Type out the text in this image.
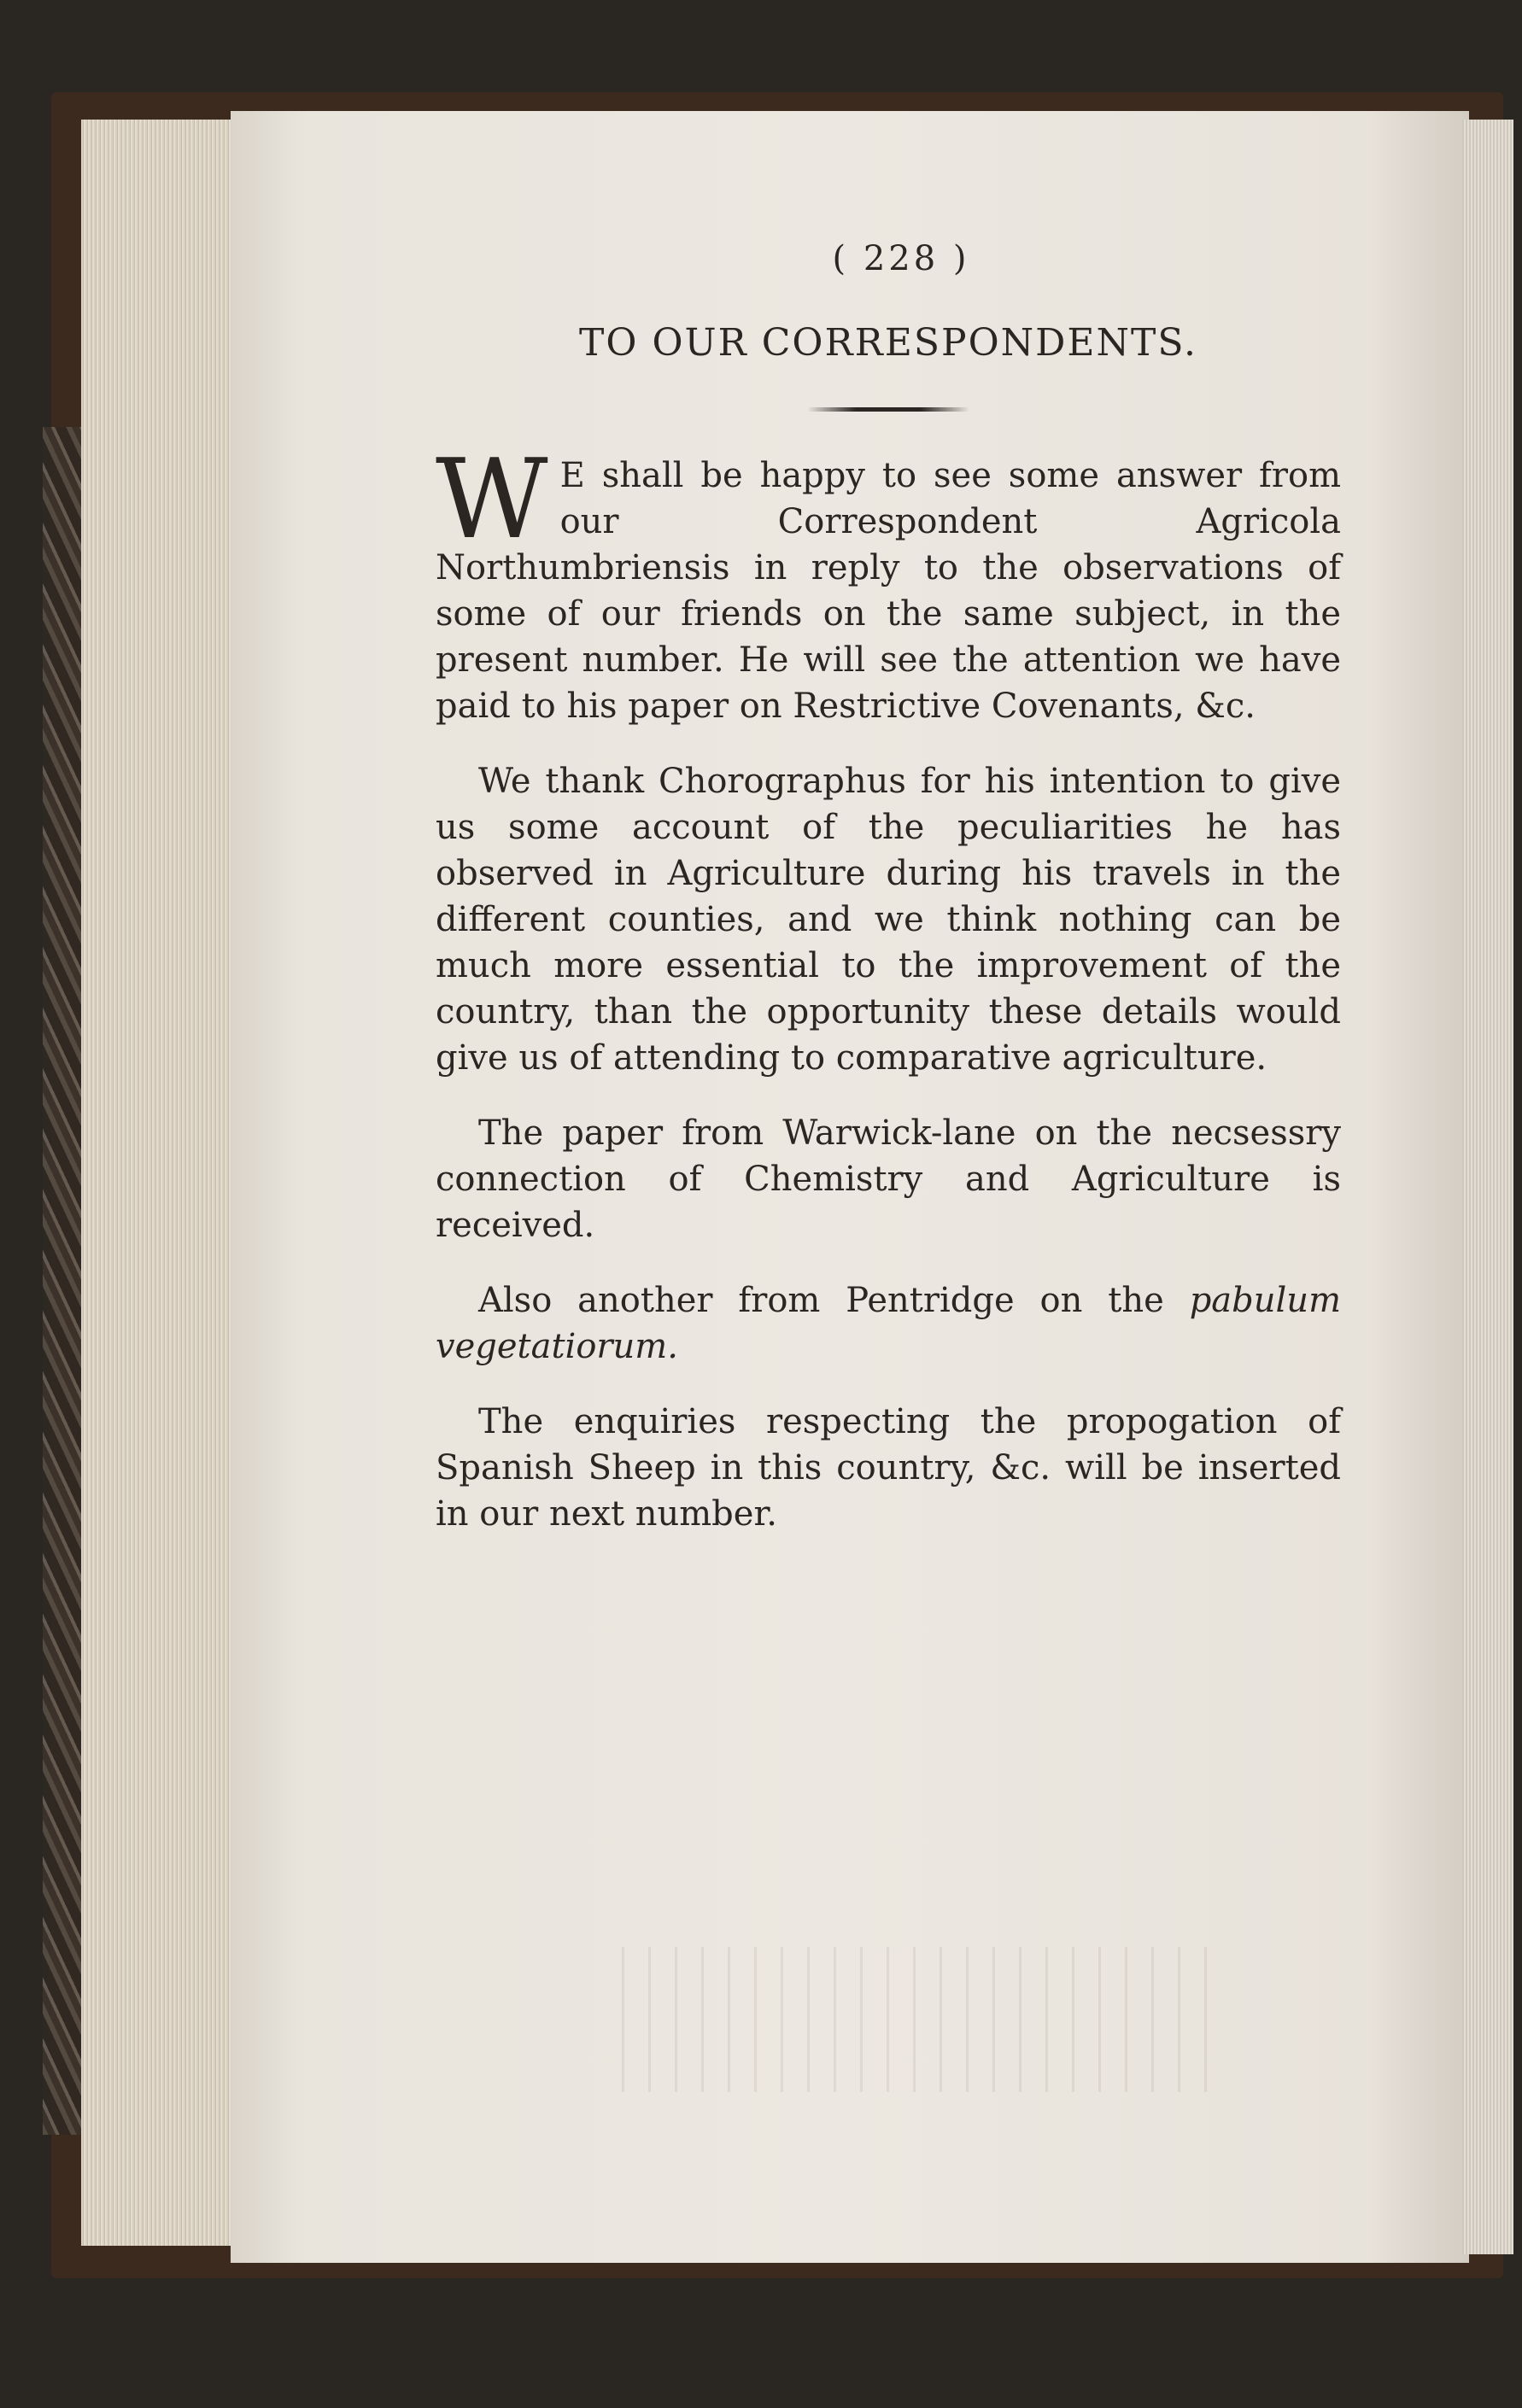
( 228 )
TO OUR CORRESPONDENTS.

W E shall be happy to see some answer from our Correspondent Agricola Northumbriensis in reply to the observations of some of our friends on the same subject, in the present number. He will see the attention we have paid to his paper on Restrictive Covenants, &c.

We thank Chorographus for his intention to give us some account of the peculiarities he has observed in Agriculture during his travels in the different counties, and we think nothing can be much more essential to the improvement of the country, than the opportunity these details would give us of attending to comparative agriculture.

The paper from Warwick-lane on the necsessry connection of Chemistry and Agriculture is received.

Also another from Pentridge on the pabulum vegetatiorum.

The enquiries respecting the propogation of Spanish Sheep in this country, &c. will be inserted in our next number.
